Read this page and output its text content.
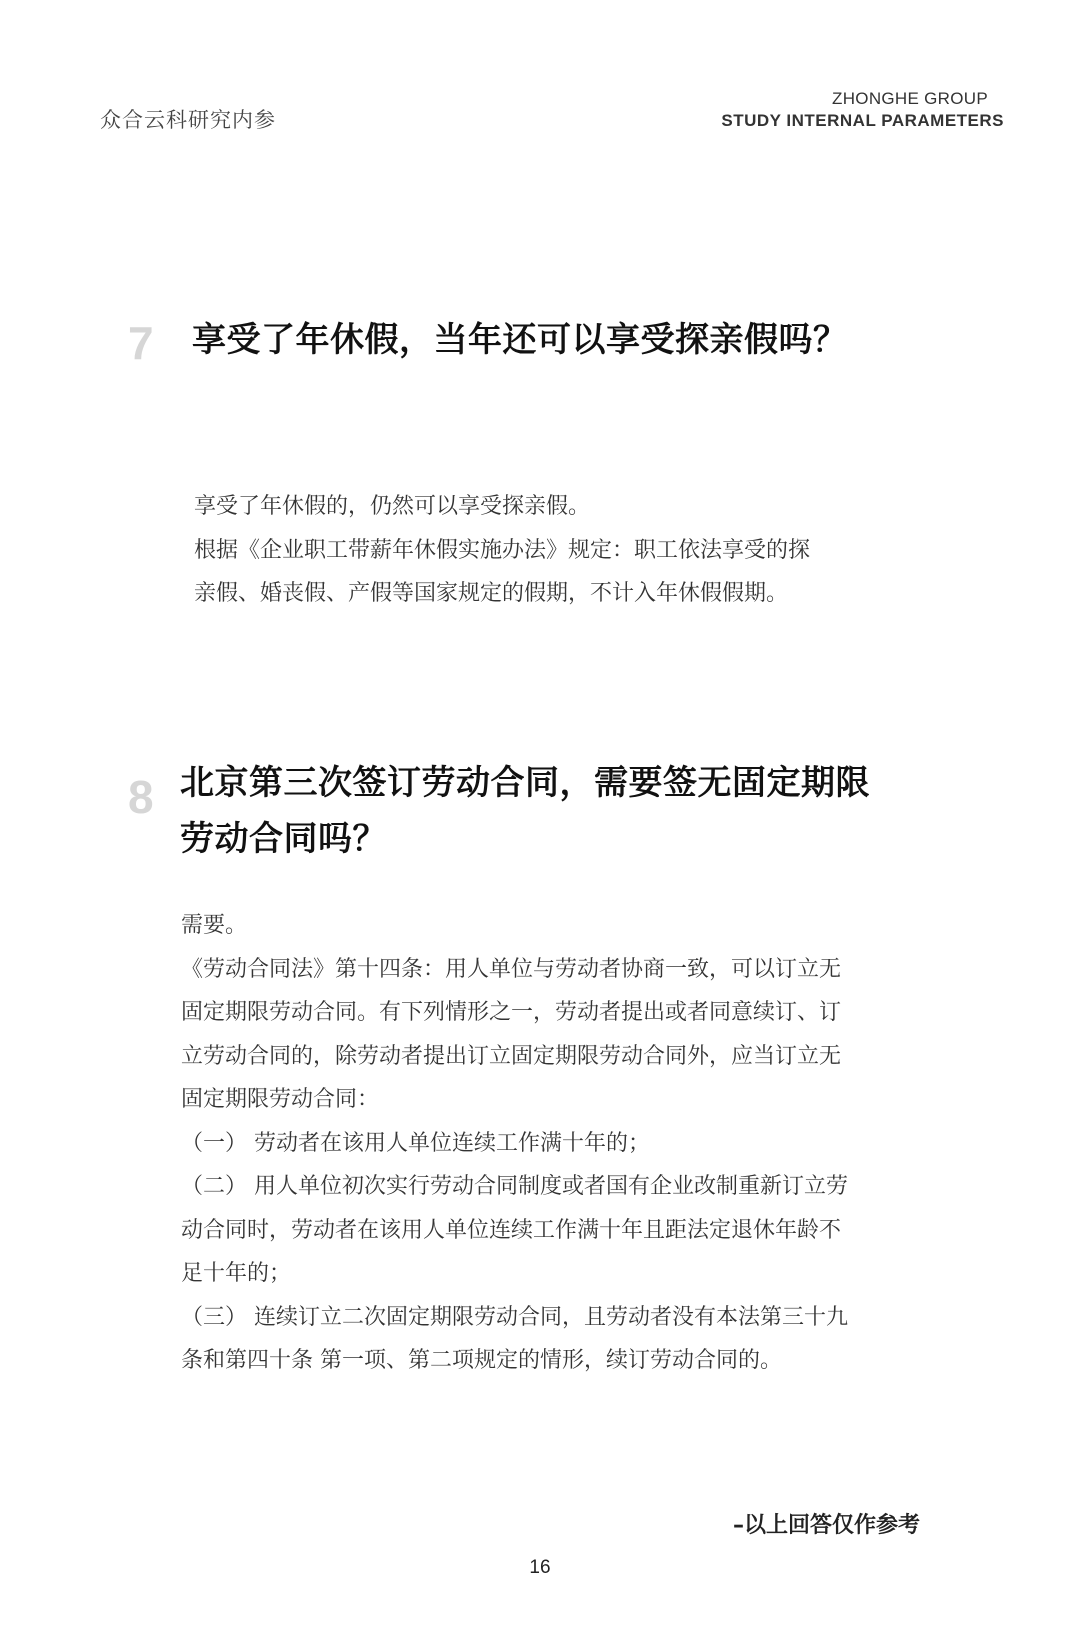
众合云科研究内参
ZHONGHE GROUP
STUDY INTERNAL PARAMETERS
7 享受了年休假，当年还可以享受探亲假吗？

享受了年休假的，仍然可以享受探亲假。

根据《企业职工带薪年休假实施办法》规定：职工依法享受的探

亲假、婚丧假、产假等国家规定的假期，不计入年休假假期。

8 北京第三次签订劳动合同，需要签无固定期限
劳动合同吗？

需要。

《劳动合同法》第十四条：用人单位与劳动者协商一致，可以订立无

固定期限劳动合同。有下列情形之一，劳动者提出或者同意续订、订

立劳动合同的，除劳动者提出订立固定期限劳动合同外，应当订立无

固定期限劳动合同：

（一） 劳动者在该用人单位连续工作满十年的；

（二） 用人单位初次实行劳动合同制度或者国有企业改制重新订立劳

动合同时，劳动者在该用人单位连续工作满十年且距法定退休年龄不

足十年的；

（三） 连续订立二次固定期限劳动合同，且劳动者没有本法第三十九

条和第四十条 第一项、第二项规定的情形，续订劳动合同的。

–以上回答仅作参考
16
